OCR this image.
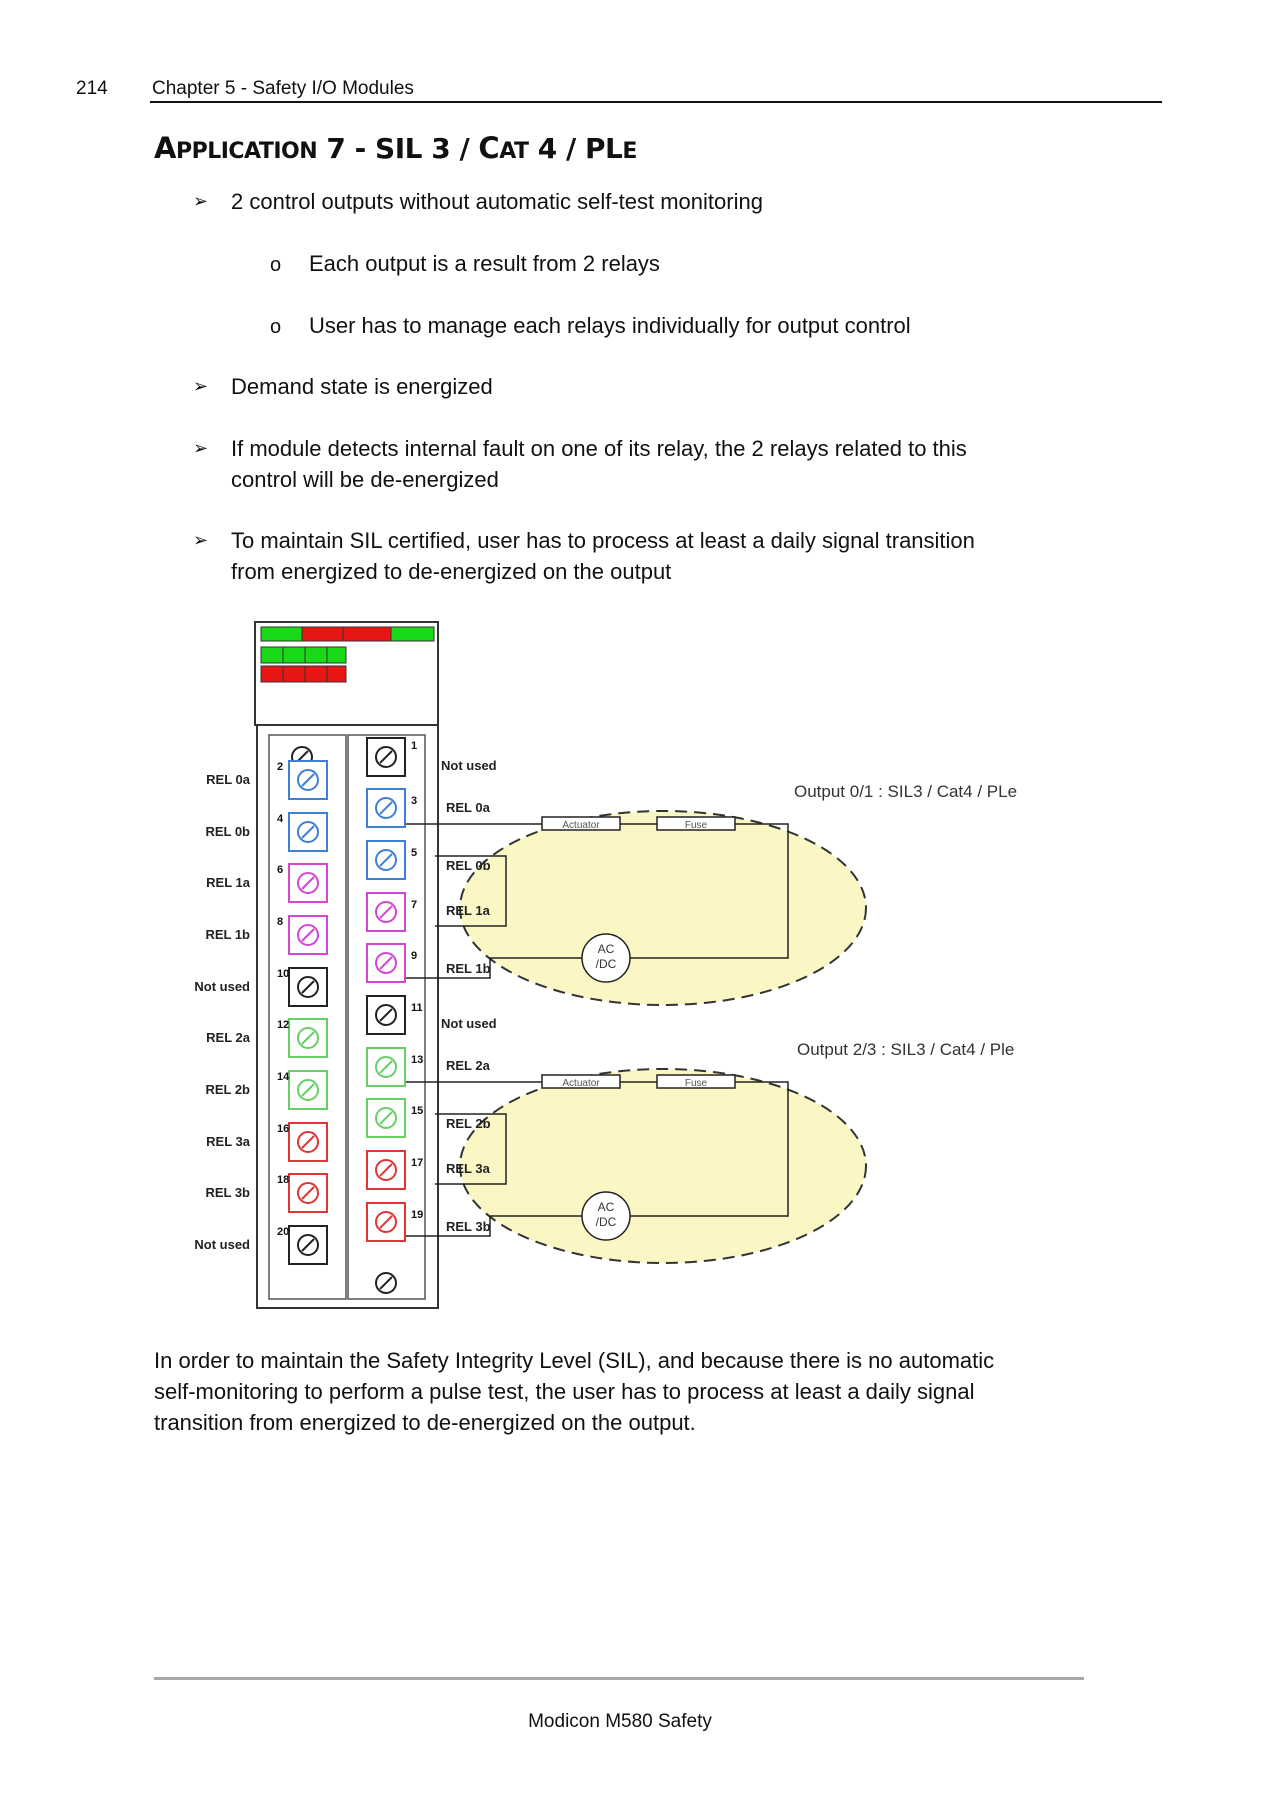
214 Chapter 5 - Safety I/O Modules
APPLICATION 7 - SIL 3 / CAT 4 / PLE
➢ 2 control outputs without automatic self-test monitoring
o Each output is a result from 2 relays
o User has to manage each relays individually for output control
➢ Demand state is energized
➢ If module detects internal fault on one of its relay, the 2 relays related to this
control will be de-energized
➢ To maintain SIL certified, user has to process at least a daily signal transition
from energized to de-energized on the output
2
REL 0a
1
4
REL 0b
3
6
REL 1a
5
8
REL 1b
7
10
Not used
9
12
REL 2a
11
14
REL 2b
13
16
REL 3a
15
18
REL 3b
17
20
Not used
19
Actuator	Fuse
AC
/DC
Not used
REL 0a
REL 0b
REL 1a
REL 1b
Output 0/1 : SIL3 / Cat4 / PLe
Actuator	Fuse
AC
/DC
Not used
REL 2a
REL 2b
REL 3a
REL 3b
Output 2/3 : SIL3 / Cat4 / Ple
In order to maintain the Safety Integrity Level (SIL), and because there is no automatic
self-monitoring to perform a pulse test, the user has to process at least a daily signal
transition from energized to de-energized on the output.
Modicon M580 Safety
